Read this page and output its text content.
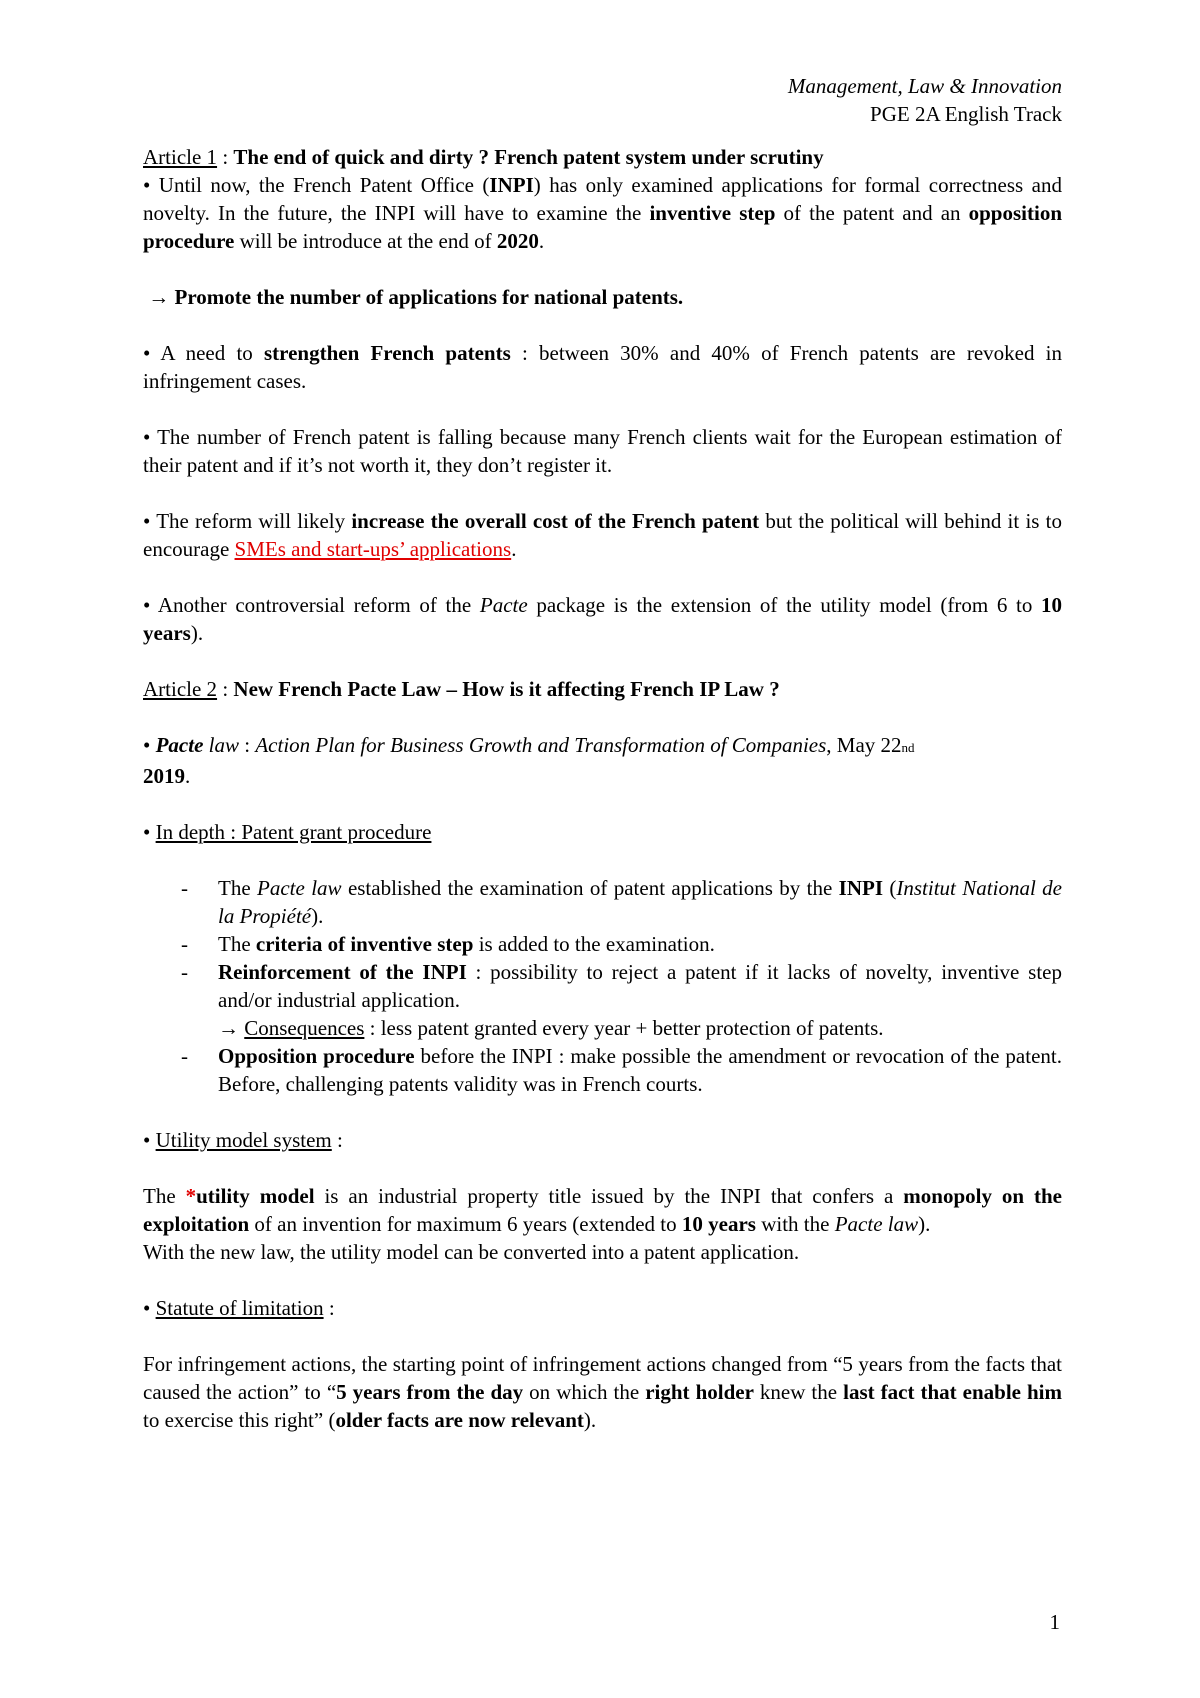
Management, Law & Innovation
PGE 2A English Track

Article 1 : The end of quick and dirty ? French patent system under scrutiny

• Until now, the French Patent Office (INPI) has only examined applications for formal correctness and novelty. In the future, the INPI will have to examine the inventive step of the patent and an opposition procedure will be introduce at the end of 2020.

→ Promote the number of applications for national patents.

• A need to strengthen French patents : between 30% and 40% of French patents are revoked in infringement cases.

• The number of French patent is falling because many French clients wait for the European estimation of their patent and if it’s not worth it, they don’t register it.

• The reform will likely increase the overall cost of the French patent but the political will behind it is to encourage SMEs and start-ups’ applications.

• Another controversial reform of the Pacte package is the extension of the utility model (from 6 to 10 years).

Article 2 : New French Pacte Law – How is it affecting French IP Law ?

• Pacte law : Action Plan for Business Growth and Transformation of Companies, May 22nd
2019.

• In depth : Patent grant procedure

- The Pacte law established the examination of patent applications by the INPI (Institut National de la Propiété).
- The criteria of inventive step is added to the examination.
- Reinforcement of the INPI : possibility to reject a patent if it lacks of novelty, inventive step and/or industrial application.
→ Consequences : less patent granted every year + better protection of patents.
- Opposition procedure before the INPI : make possible the amendment or revocation of the patent. Before, challenging patents validity was in French courts.

• Utility model system :

The *utility model is an industrial property title issued by the INPI that confers a monopoly on the exploitation of an invention for maximum 6 years (extended to 10 years with the Pacte law).

With the new law, the utility model can be converted into a patent application.

• Statute of limitation :

For infringement actions, the starting point of infringement actions changed from “5 years from the facts that caused the action” to “5 years from the day on which the right holder knew the last fact that enable him to exercise this right” (older facts are now relevant).

1
